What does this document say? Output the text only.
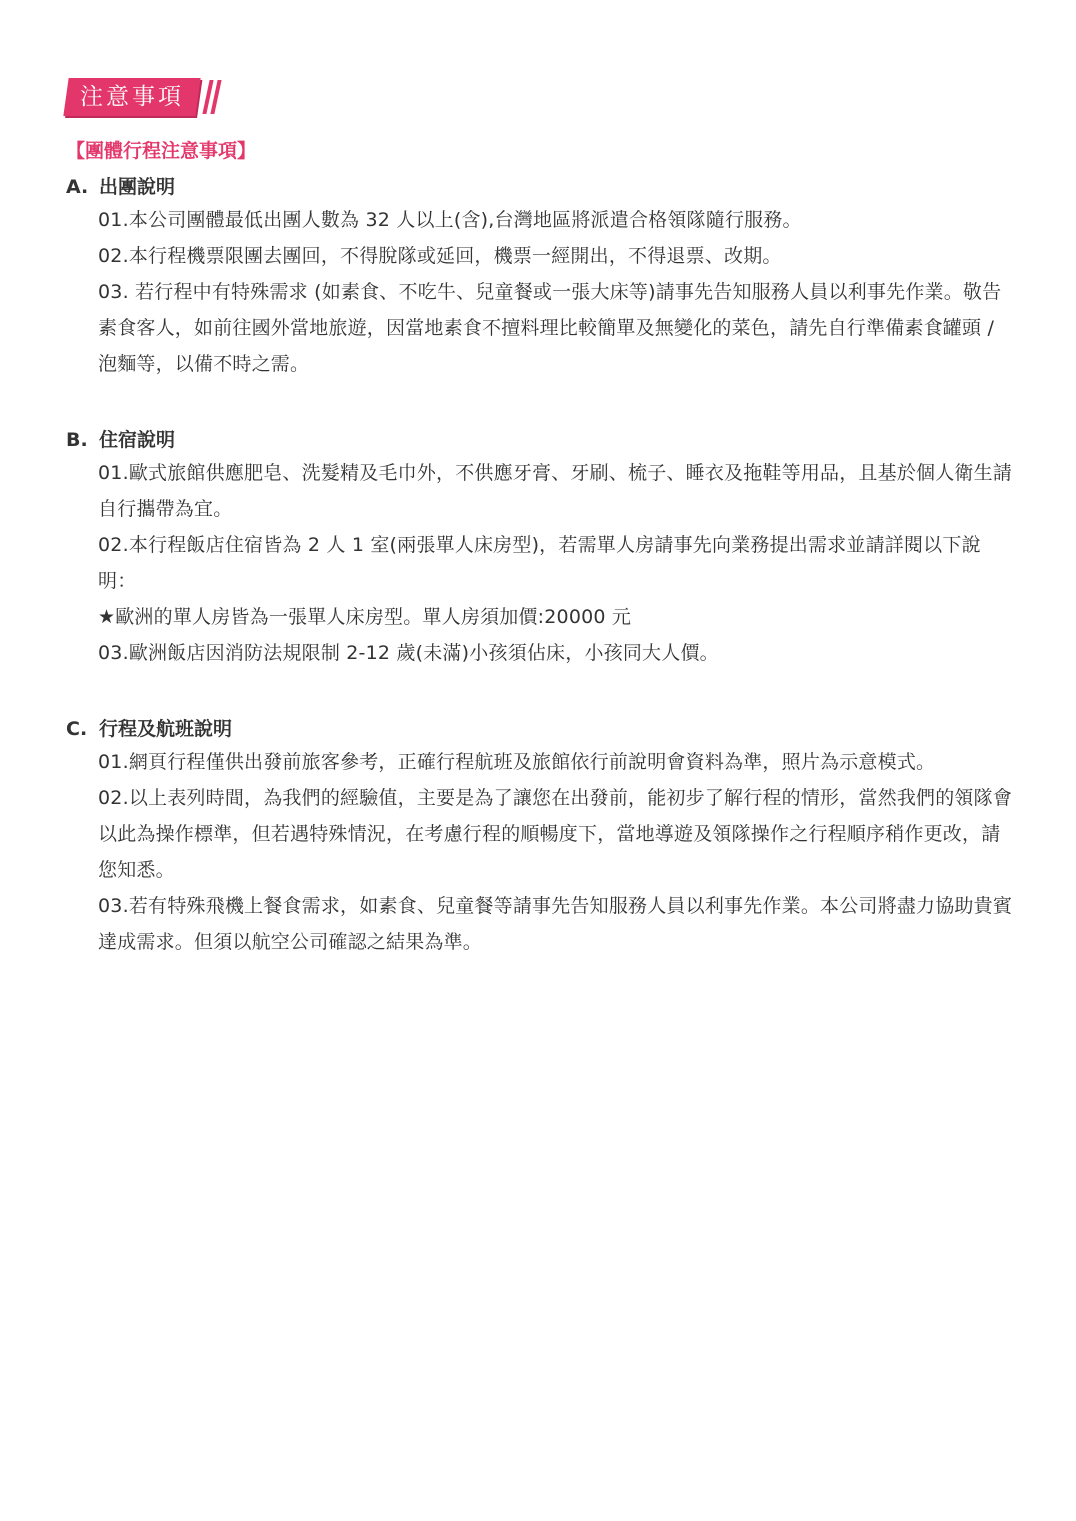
注意事項
【團體行程注意事項】

A. 出團說明

01.本公司團體最低出團人數為 32 人以上(含),台灣地區將派遣合格領隊隨行服務。
02.本行程機票限團去團回，不得脫隊或延回，機票一經開出，不得退票、改期。
03. 若行程中有特殊需求 (如素食、不吃牛、兒童餐或一張大床等)請事先告知服務人員以利事先作業。敬告素食客人，如前往國外當地旅遊，因當地素食不擅料理比較簡單及無變化的菜色，請先自行準備素食罐頭 / 泡麵等，以備不時之需。

B. 住宿說明

01.歐式旅館供應肥皂、洗髮精及毛巾外，不供應牙膏、牙刷、梳子、睡衣及拖鞋等用品，且基於個人衛生請自行攜帶為宜。
02.本行程飯店住宿皆為 2 人 1 室(兩張單人床房型)，若需單人房請事先向業務提出需求並請詳閱以下說明：
★歐洲的單人房皆為一張單人床房型。單人房須加價:20000 元
03.歐洲飯店因消防法規限制 2-12 歲(未滿)小孩須佔床，小孩同大人價。

C. 行程及航班說明

01.網頁行程僅供出發前旅客參考，正確行程航班及旅館依行前說明會資料為準，照片為示意模式。
02.以上表列時間，為我們的經驗值，主要是為了讓您在出發前，能初步了解行程的情形，當然我們的領隊會以此為操作標準，但若遇特殊情況，在考慮行程的順暢度下，當地導遊及領隊操作之行程順序稍作更改，請您知悉。
03.若有特殊飛機上餐食需求，如素食、兒童餐等請事先告知服務人員以利事先作業。本公司將盡力協助貴賓達成需求。但須以航空公司確認之結果為準。
